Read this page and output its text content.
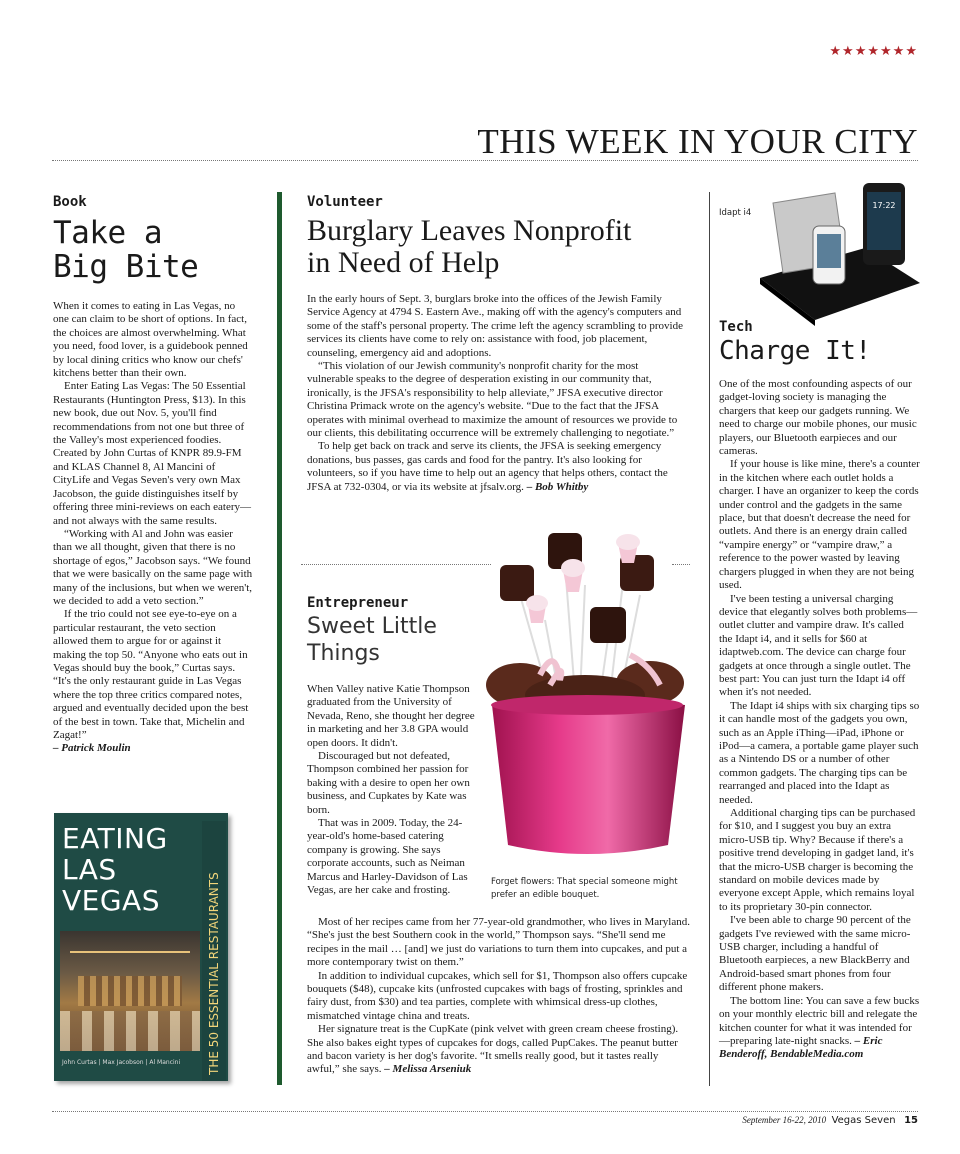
★★★★★★★
THIS WEEK IN YOUR CITY
Book
Take a
Big Bite

When it comes to eating in Las Vegas, no one can claim to be short of options. In fact, the choices are almost overwhelming. What you need, food lover, is a guidebook penned by local dining critics who know our chefs' kitchens better than their own.

Enter Eating Las Vegas: The 50 Essential Restaurants (Huntington Press, $13). In this new book, due out Nov. 5, you'll find recommendations from not one but three of the Valley's most experienced foodies. Created by John Curtas of KNPR 89.9-FM and KLAS Channel 8, Al Mancini of CityLife and Vegas Seven's very own Max Jacobson, the guide distinguishes itself by offering three mini-reviews on each eatery—and not always with the same results.

“Working with Al and John was easier than we all thought, given that there is no shortage of egos,” Jacobson says. “We found that we were basically on the same page with many of the inclusions, but when we weren't, we decided to add a veto section.”

If the trio could not see eye-to-eye on a particular restaurant, the veto section allowed them to argue for or against it making the top 50. “Anyone who eats out in Vegas should buy the book,” Curtas says. “It's the only restaurant guide in Las Vegas where the top three critics compared notes, argued and eventually decided upon the best of the best in town. Take that, Michelin and Zagat!”

– Patrick Moulin
EATING
LAS
VEGAS	THE 50 ESSENTIAL RESTAURANTS
John Curtas | Max Jacobson | Al Mancini
Volunteer
Burglary Leaves Nonprofit
in Need of Help

In the early hours of Sept. 3, burglars broke into the offices of the Jewish Family Service Agency at 4794 S. Eastern Ave., making off with the agency's computers and some of the staff's personal property. The crime left the agency scrambling to provide services its clients have come to rely on: assistance with food, job placement, counseling, emergency aid and adoptions.

“This violation of our Jewish community's nonprofit charity for the most vulnerable speaks to the degree of desperation existing in our community that, ironically, is the JFSA's responsibility to help alleviate,” JFSA executive director Christina Primack wrote on the agency's website. “Due to the fact that the JFSA operates with minimal overhead to maximize the amount of resources we provide to our clients, this debilitating occurrence will be extremely challenging to negotiate.”

To help get back on track and serve its clients, the JFSA is seeking emergency donations, bus passes, gas cards and food for the pantry. It's also looking for volunteers, so if you have time to help out an agency that helps others, contact the JFSA at 732-0304, or via its website at jfsalv.org. – Bob Whitby

Entrepreneur
Sweet Little
Things

When Valley native Katie Thompson graduated from the University of Nevada, Reno, she thought her degree in marketing and her 3.8 GPA would open doors. It didn't.

Discouraged but not defeated, Thompson combined her passion for baking with a desire to open her own business, and Cupkates by Kate was born.

That was in 2009. Today, the 24-year-old's home-based catering company is growing. She says corporate accounts, such as Neiman Marcus and Harley-Davidson of Las Vegas, are her cake and frosting.

Most of her recipes came from her 77-year-old grandmother, who lives in Maryland. “She's just the best Southern cook in the world,” Thompson says. “She'll send me recipes in the mail … [and] we just do variations to turn them into cupcakes, and put a more contemporary twist on them.”

In addition to individual cupcakes, which sell for $1, Thompson also offers cupcake bouquets ($48), cupcake kits (unfrosted cupcakes with bags of frosting, sprinkles and fairy dust, from $30) and tea parties, complete with whimsical dress-up clothes, mismatched vintage china and treats.

Her signature treat is the CupKate (pink velvet with green cream cheese frosting). She also bakes eight types of cupcakes for dogs, called PupCakes. The peanut butter and bacon variety is her dog's favorite. “It smells really good, but it tastes really awful,” she says. – Melissa Arseniuk

Forget flowers: That special someone might prefer an edible bouquet.
Idapt i4
17:22
Tech
Charge It!

One of the most confounding aspects of our gadget-loving society is managing the chargers that keep our gadgets running. We need to charge our mobile phones, our music players, our Bluetooth earpieces and our cameras.

If your house is like mine, there's a counter in the kitchen where each outlet holds a charger. I have an organizer to keep the cords under control and the gadgets in the same place, but that doesn't decrease the need for outlets. And there is an energy drain called “vampire energy” or “vampire draw,” a reference to the power wasted by leaving chargers plugged in when they are not being used.

I've been testing a universal charging device that elegantly solves both problems—outlet clutter and vampire draw. It's called the Idapt i4, and it sells for $60 at idaptweb.com. The device can charge four gadgets at once through a single outlet. The best part: You can just turn the Idapt i4 off when it's not needed.

The Idapt i4 ships with six charging tips so it can handle most of the gadgets you own, such as an Apple iThing—iPad, iPhone or iPod—a camera, a portable game player such as a Nintendo DS or a number of other common gadgets. The charging tips can be rearranged and placed into the Idapt as needed.

Additional charging tips can be purchased for $10, and I suggest you buy an extra micro-USB tip. Why? Because if there's a positive trend developing in gadget land, it's that the micro-USB charger is becoming the standard on mobile devices made by everyone except Apple, which remains loyal to its proprietary 30-pin connector.

I've been able to charge 90 percent of the gadgets I've reviewed with the same micro-USB charger, including a handful of Bluetooth earpieces, a new BlackBerry and Android-based smart phones from four different phone makers.

The bottom line: You can save a few bucks on your monthly electric bill and relegate the kitchen counter for what it was intended for—preparing late-night snacks. – Eric Benderoff, BendableMedia.com

September 16-22, 2010 Vegas Seven 15
